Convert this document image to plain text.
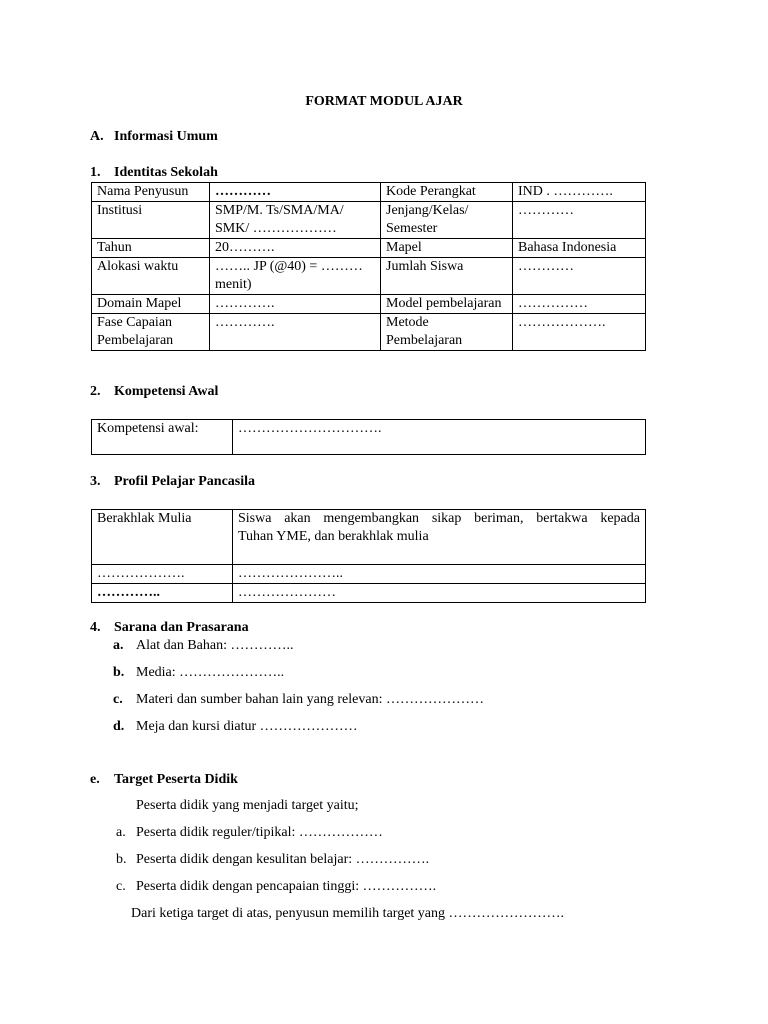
FORMAT MODUL AJAR
A. Informasi Umum
1. Identitas Sekolah
Nama Penyusun	…………	Kode Perangkat	IND . ………….
Institusi	SMP/M. Ts/SMA/MA/ SMK/ ………………	Jenjang/Kelas/ Semester	…………
Tahun	20……….	Mapel	Bahasa Indonesia
Alokasi waktu	…….. JP (@40) = ……… menit)	Jumlah Siswa	…………
Domain Mapel	………….	Model pembelajaran	……………
Fase Capaian Pembelajaran	………….	Metode Pembelajaran	……………….
2. Kompetensi Awal
Kompetensi awal:	………………………….
3. Profil Pelajar Pancasila
Berakhlak Mulia	Siswa akan mengembangkan sikap beriman, bertakwa kepada
Tuhan YME, dan berakhlak mulia

……………….	…………………..
…………..	…………………
4. Sarana dan Prasarana
a. Alat dan Bahan: …………..
b. Media: …………………..
c. Materi dan sumber bahan lain yang relevan: …………………
d. Meja dan kursi diatur …………………
e. Target Peserta Didik
Peserta didik yang menjadi target yaitu;
a. Peserta didik reguler/tipikal: ………………
b. Peserta didik dengan kesulitan belajar: …………….
c. Peserta didik dengan pencapaian tinggi: …………….
Dari ketiga target di atas, penyusun memilih target yang …………………….
